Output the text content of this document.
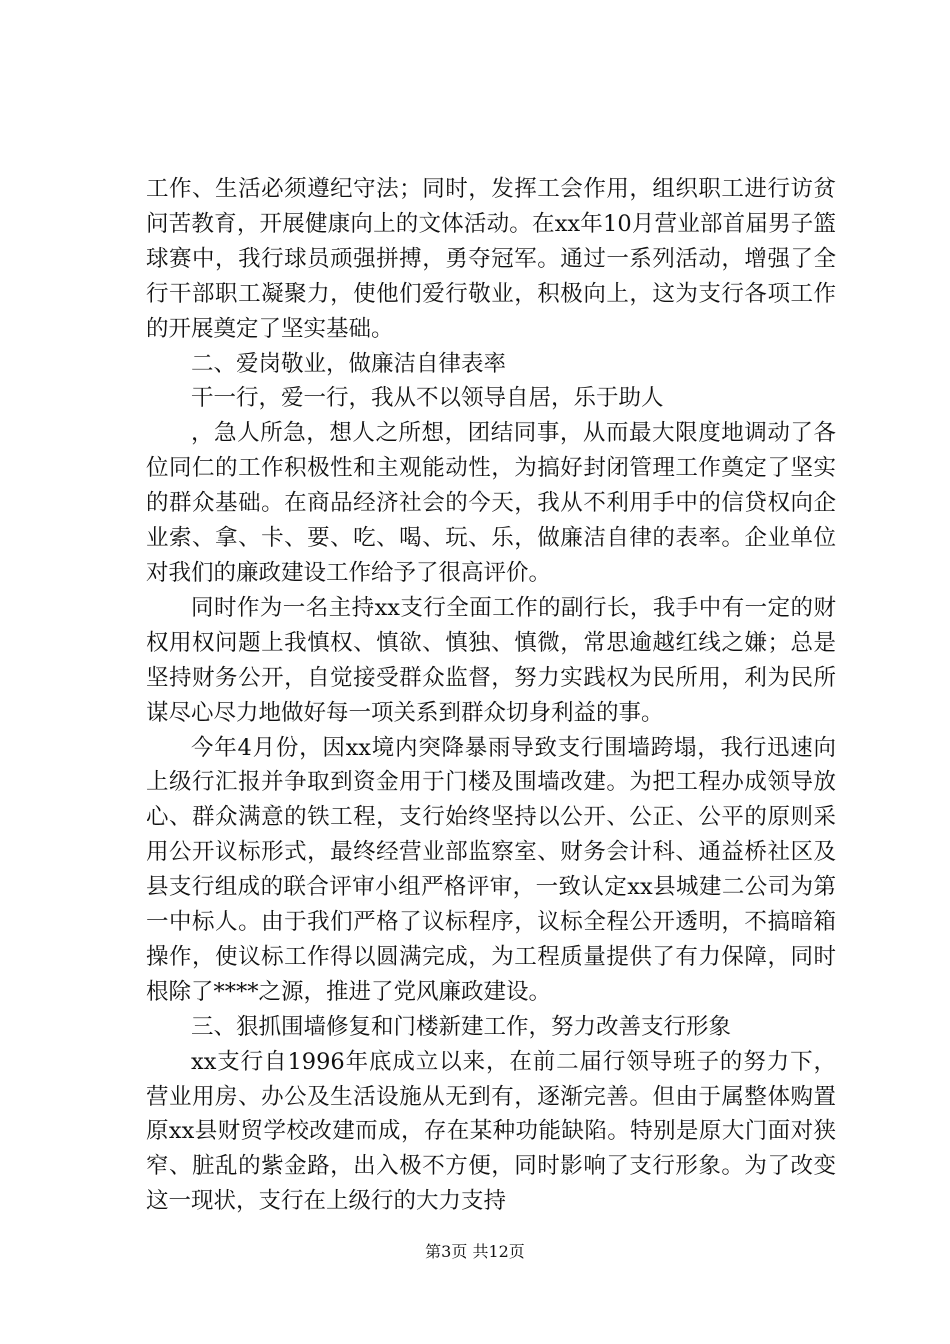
工作、生活必须遵纪守法；同时，发挥工会作用，组织职工进行访贫问苦教育，开展健康向上的文体活动。在xx年10月营业部首届男子篮球赛中，我行球员顽强拼搏，勇夺冠军。通过一系列活动，增强了全行干部职工凝聚力，使他们爱行敬业，积极向上，这为支行各项工作的开展奠定了坚实基础。

二、爱岗敬业，做廉洁自律表率

干一行，爱一行，我从不以领导自居，乐于助人

，急人所急，想人之所想，团结同事，从而最大限度地调动了各位同仁的工作积极性和主观能动性，为搞好封闭管理工作奠定了坚实的群众基础。在商品经济社会的今天，我从不利用手中的信贷权向企业索、拿、卡、要、吃、喝、玩、乐，做廉洁自律的表率。企业单位对我们的廉政建设工作给予了很高评价。

同时作为一名主持xx支行全面工作的副行长，我手中有一定的财权用权问题上我慎权、慎欲、慎独、慎微，常思逾越红线之嫌；总是坚持财务公开，自觉接受群众监督，努力实践权为民所用，利为民所谋尽心尽力地做好每一项关系到群众切身利益的事。

今年4月份，因xx境内突降暴雨导致支行围墙跨塌，我行迅速向上级行汇报并争取到资金用于门楼及围墙改建。为把工程办成领导放心、群众满意的铁工程，支行始终坚持以公开、公正、公平的原则采用公开议标形式，最终经营业部监察室、财务会计科、通益桥社区及县支行组成的联合评审小组严格评审，一致认定xx县城建二公司为第一中标人。由于我们严格了议标程序，议标全程公开透明，不搞暗箱操作，使议标工作得以圆满完成，为工程质量提供了有力保障，同时根除了****之源，推进了党风廉政建设。

三、狠抓围墙修复和门楼新建工作，努力改善支行形象

xx支行自1996年底成立以来，在前二届行领导班子的努力下，营业用房、办公及生活设施从无到有，逐渐完善。但由于属整体购置原xx县财贸学校改建而成，存在某种功能缺陷。特别是原大门面对狭窄、脏乱的紫金路，出入极不方便，同时影响了支行形象。为了改变这一现状，支行在上级行的大力支持

第3页 共12页
